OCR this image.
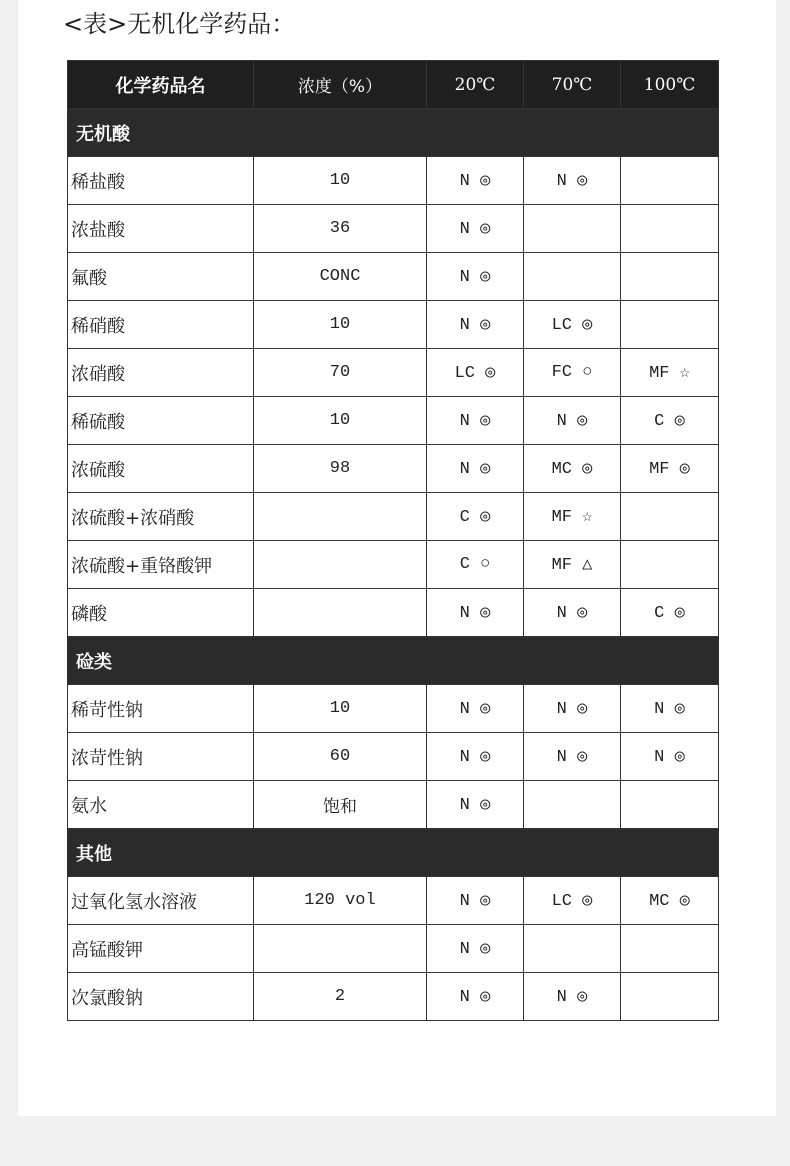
<表>无机化学药品：
化学药品名	浓度（%）	20℃	70℃	100℃
无机酸				
稀盐酸	10	N ◎	N ◎	
浓盐酸	36	N ◎		
氟酸	CONC	N ◎		
稀硝酸	10	N ◎	LC ◎	
浓硝酸	70	LC ◎	FC ○	MF ☆
稀硫酸	10	N ◎	N ◎	C ◎
浓硫酸	98	N ◎	MC ◎	MF ◎
浓硫酸+浓硝酸		C ◎	MF ☆	
浓硫酸+重铬酸钾		C ○	MF △	
磷酸		N ◎	N ◎	C ◎
硷类				
稀苛性钠	10	N ◎	N ◎	N ◎
浓苛性钠	60	N ◎	N ◎	N ◎
氨水	饱和	N ◎		
其他				
过氧化氢水溶液	120 vol	N ◎	LC ◎	MC ◎
高锰酸钾		N ◎		
次氯酸钠	2	N ◎	N ◎	
